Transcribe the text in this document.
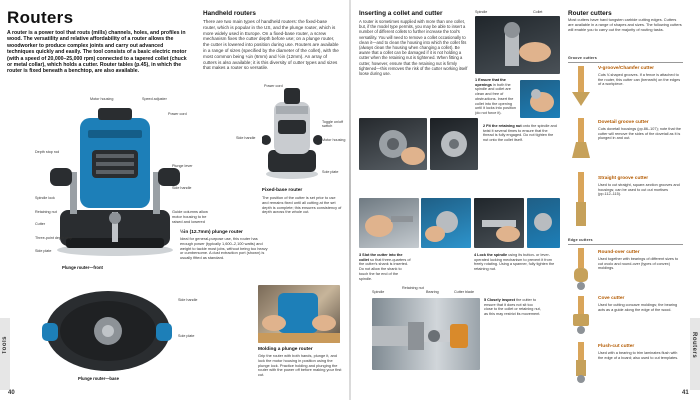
Routers
A router is a power tool that routs (mills) channels, holes, and profiles in wood. The versatility and relative affordability of a router allows the woodworker to produce complex joints and carry out advanced techniques quickly and easily. The tool consists of a basic electric motor (with a speed of 20,000–25,000 rpm) connected to a tapered collet (chuck or metal collar), which holds a cutter. Router tables (p.45), in which the router is fixed beneath a benchtop, are also available.
Handheld routers
There are two main types of handheld routers: the fixed-base router, which is popular in the US, and the plunge router, which is more widely used in Europe. On a fixed-base router, a screw mechanism fixes the cutter depth before use; on a plunge router, the cutter is lowered into position during use. Routers are available in a range of sizes (specified by the diameter of the collet), with the most common being ¼in (6mm) and ½in (12mm). An array of cutters is also available; it is this diversity of cutter types and sizes that makes a router so versatile.
Motor housing	Speed adjuster
Power cord
Depth stop rod
Spindle lock
Retaining nut
Cutter
Three-point depth stop
Side plate
Guide columns allow motor housing to be raised and lowered
Plunge lever
Side handle
Plunge router—front
½in (12.7mm) plunge router
Ideal for general-purpose use, this router has enough power (typically 1,600–2,100 watts) and weight to tackle most jobs, without being too heavy or cumbersome. A dust extraction port (shown) is usually fitted as standard.
Power cord
Side handle
Toggle on/off switch
Motor housing
Sole plate
Fixed-base router
The position of the cutter is set prior to use and remains fixed until all cutting at the set depth is complete; this ensures consistency of depth across the whole cut.
Side handle
Sole plate
Plunge router—base
Molding a plunge router
Grip the router with both hands, plunge it, and lock the motor housing in position using the plunge lock. Practice holding and plunging the router with the power off before making your first cut.
Tools
40
Inserting a collet and cutter
A router is sometimes supplied with more than one collet, but, if the model type permits, you may be able to insert a number of different collets to further increase the tool's versatility. You will need to remove a collet occasionally to clean it—and to clean the housing into which the collet fits (always clean the housing when changing a collet). Be aware that a collet can be damaged if it is not holding a cutter when the retaining nut is tightened. When fitting a cutter, however, ensure that the retaining nut is firmly tightened—this removes the risk of the cutter working itself loose during use.
Spindle	Collet
1 Ensure that the openings in both the spindle and collet are clean and free of obstructions. Insert the collet into the opening until it locks into position (do not force it).
2 Fit the retaining nut onto the spindle and twist it several times to ensure that the thread is fully engaged. Do not tighten the nut onto the collet itself.
3 Slot the cutter into the collet so that three-quarters of the cutter's shank is inserted. Do not allow the shank to touch the far end of the spindle.
4 Lock the spindle using its button- or lever-operated locking mechanism to prevent it from freely rotating. Using a spanner, fully tighten the retaining nut.
Spindle
Retaining nut
Bearing	Cutter blade
5 Closely inspect the cutter to ensure that it does not sit too close to the collet or retaining nut, as this may restrict its movement.
Router cutters
Most cutters have hard tungsten carbide cutting edges. Cutters are available in a range of shapes and sizes. The following cutters will enable you to carry out the majority of routing tasks.
Groove cutters
V-groove/Chamfer cutter
Cuts V-shaped grooves. If a fence is attached to the router, this cutter can (beneath) on the edges of a workpiece.
Dovetail groove cutter
Cuts dovetail housings (pp.86–107); note that the cutter will remove the sides of the dovetail as it is plunged in and out.
Straight groove cutter
Used to cut straight, square-section grooves and housings; can be used to cut out mortises (pp.112–115).
Edge cutters
Round-over cutter
Used together with bearings of different sizes to cut ovolo and round-over (types of convex) moldings.
Cove cutter
Used for cutting concave moldings; the bearing acts as a guide along the edge of the wood.
Flush-cut cutter
Used with a bearing to trim laminates flush with the edge of a board; also used to cut templates.	Routers
41
